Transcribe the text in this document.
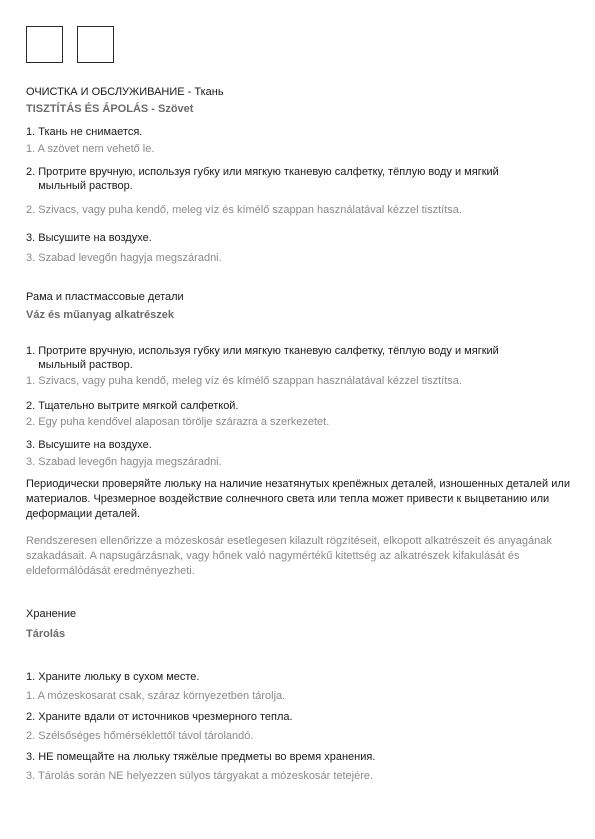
ОЧИСТКА И ОБСЛУЖИВАНИЕ - Ткань
TISZTÍTÁS ÉS ÁPOLÁS - Szövet
1. Ткань не снимается.
1. A szövet nem vehető le.
2. Протрите вручную, используя губку или мягкую тканевую салфетку, тёплую воду и мягкий
мыльный раствор.
2. Szivacs, vagy puha kendő, meleg víz és kímélő szappan használatával kézzel tisztítsa.
3. Высушите на воздухе.
3. Szabad levegőn hagyja megszáradni.
Рама и пластмассовые детали
Váz és műanyag alkatrészek
1. Протрите вручную, используя губку или мягкую тканевую салфетку, тёплую воду и мягкий
мыльный раствор.
1. Szivacs, vagy puha kendő, meleg víz és kímélő szappan használatával kézzel tisztítsa.
2. Тщательно вытрите мягкой салфеткой.
2. Egy puha kendővel alaposan törölje szárazra a szerkezetet.
3. Высушите на воздухе.
3. Szabad levegőn hagyja megszáradni.
Периодически проверяйте люльку на наличие незатянутых крепёжных деталей, изношенных деталей или материалов. Чрезмерное воздействие солнечного света или тепла может привести к выцветанию или деформации деталей.
Rendszeresen ellenőrizze a mózeskosár esetlegesen kilazult rögzítéseit, elkopott alkatrészeit és anyagának szakadásait. A napsugárzásnak, vagy hőnek való nagymértékű kitettség az alkatrészek kifakulását és eldeformálódását eredményezheti.
Хранение
Tárolás
1. Храните люльку в сухом месте.
1. A mózeskosarat csak, száraz környezetben tárolja.
2. Храните вдали от источников чрезмерного тепла.
2. Szélsőséges hőmérséklettől távol tárolandó.
3. НЕ помещайте на люльку тяжёлые предметы во время хранения.
3. Tárolás során NE helyezzen súlyos tárgyakat a mózeskosár tetejére.
